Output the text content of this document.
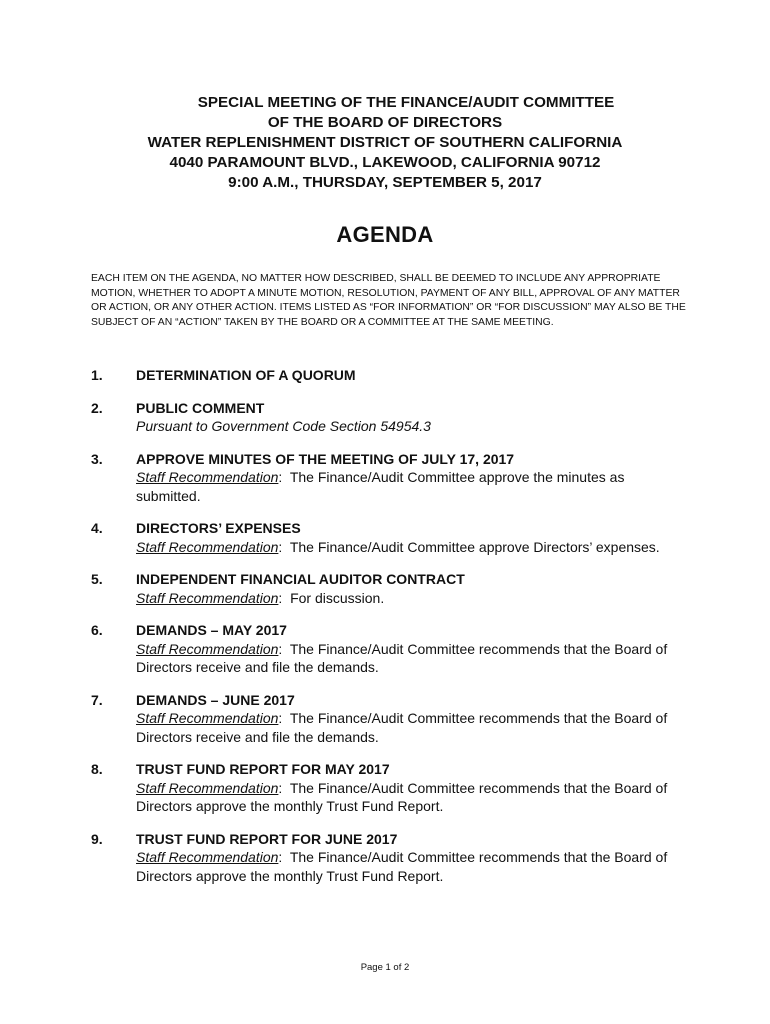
SPECIAL MEETING OF THE FINANCE/AUDIT COMMITTEE
OF THE BOARD OF DIRECTORS
WATER REPLENISHMENT DISTRICT OF SOUTHERN CALIFORNIA
4040 PARAMOUNT BLVD., LAKEWOOD, CALIFORNIA 90712
9:00 A.M., THURSDAY, SEPTEMBER 5, 2017
AGENDA
EACH ITEM ON THE AGENDA, NO MATTER HOW DESCRIBED, SHALL BE DEEMED TO INCLUDE ANY APPROPRIATE MOTION, WHETHER TO ADOPT A MINUTE MOTION, RESOLUTION, PAYMENT OF ANY BILL, APPROVAL OF ANY MATTER OR ACTION, OR ANY OTHER ACTION. ITEMS LISTED AS “FOR INFORMATION” OR “FOR DISCUSSION” MAY ALSO BE THE SUBJECT OF AN “ACTION” TAKEN BY THE BOARD OR A COMMITTEE AT THE SAME MEETING.
1. DETERMINATION OF A QUORUM
2. PUBLIC COMMENT
Pursuant to Government Code Section 54954.3
3. APPROVE MINUTES OF THE MEETING OF JULY 17, 2017
Staff Recommendation:  The Finance/Audit Committee approve the minutes as submitted.
4. DIRECTORS’ EXPENSES
Staff Recommendation:  The Finance/Audit Committee approve Directors’ expenses.
5. INDEPENDENT FINANCIAL AUDITOR CONTRACT
Staff Recommendation:  For discussion.
6. DEMANDS – MAY 2017
Staff Recommendation:  The Finance/Audit Committee recommends that the Board of Directors receive and file the demands.
7. DEMANDS – JUNE 2017
Staff Recommendation:  The Finance/Audit Committee recommends that the Board of Directors receive and file the demands.
8. TRUST FUND REPORT FOR MAY 2017
Staff Recommendation:  The Finance/Audit Committee recommends that the Board of Directors approve the monthly Trust Fund Report.
9. TRUST FUND REPORT FOR JUNE 2017
Staff Recommendation:  The Finance/Audit Committee recommends that the Board of Directors approve the monthly Trust Fund Report.
Page 1 of 2
